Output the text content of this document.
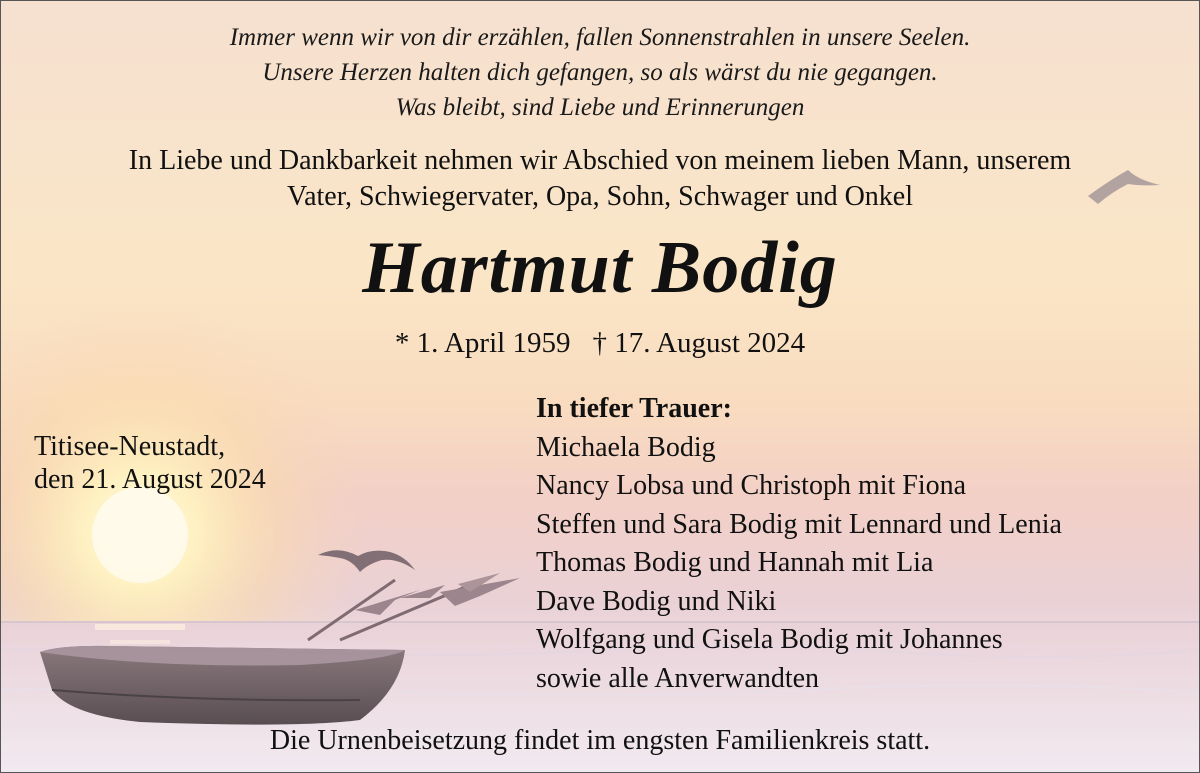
Immer wenn wir von dir erzählen, fallen Sonnenstrahlen in unsere Seelen.
Unsere Herzen halten dich gefangen, so als wärst du nie gegangen.
Was bleibt, sind Liebe und Erinnerungen
In Liebe und Dankbarkeit nehmen wir Abschied von meinem lieben Mann, unserem
Vater, Schwiegervater, Opa, Sohn, Schwager und Onkel
Hartmut Bodig
* 1. April 1959 † 17. August 2024
Titisee-Neustadt,
den 21. August 2024
In tiefer Trauer:
Michaela Bodig
Nancy Lobsa und Christoph mit Fiona
Steffen und Sara Bodig mit Lennard und Lenia
Thomas Bodig und Hannah mit Lia
Dave Bodig und Niki
Wolfgang und Gisela Bodig mit Johannes
sowie alle Anverwandten
Die Urnenbeisetzung findet im engsten Familienkreis statt.
